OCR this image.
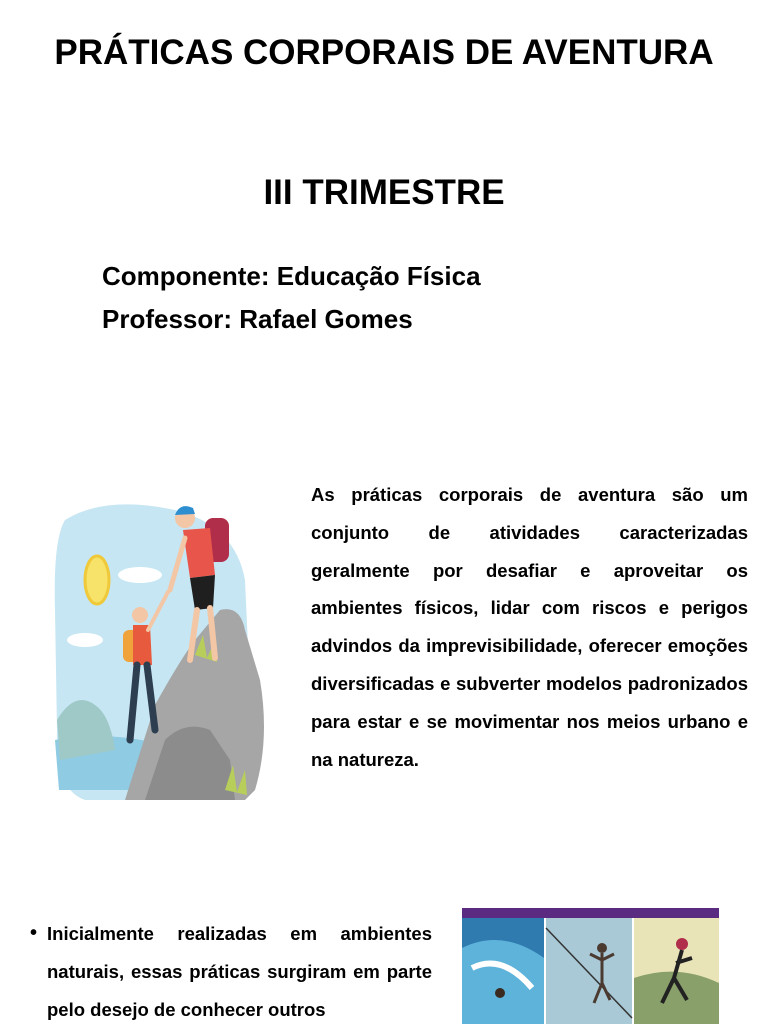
PRÁTICAS CORPORAIS DE AVENTURA
III TRIMESTRE
Componente: Educação Física
Professor: Rafael Gomes

As práticas corporais de aventura são um conjunto de atividades caracterizadas geralmente por desafiar e aproveitar os ambientes físicos, lidar com riscos e perigos advindos da imprevisibilidade, oferecer emoções diversificadas e subverter modelos padronizados para estar e se movimentar nos meios urbano e na natureza.

• Inicialmente realizadas em ambientes naturais, essas práticas surgiram em parte pelo desejo de conhecer outros
